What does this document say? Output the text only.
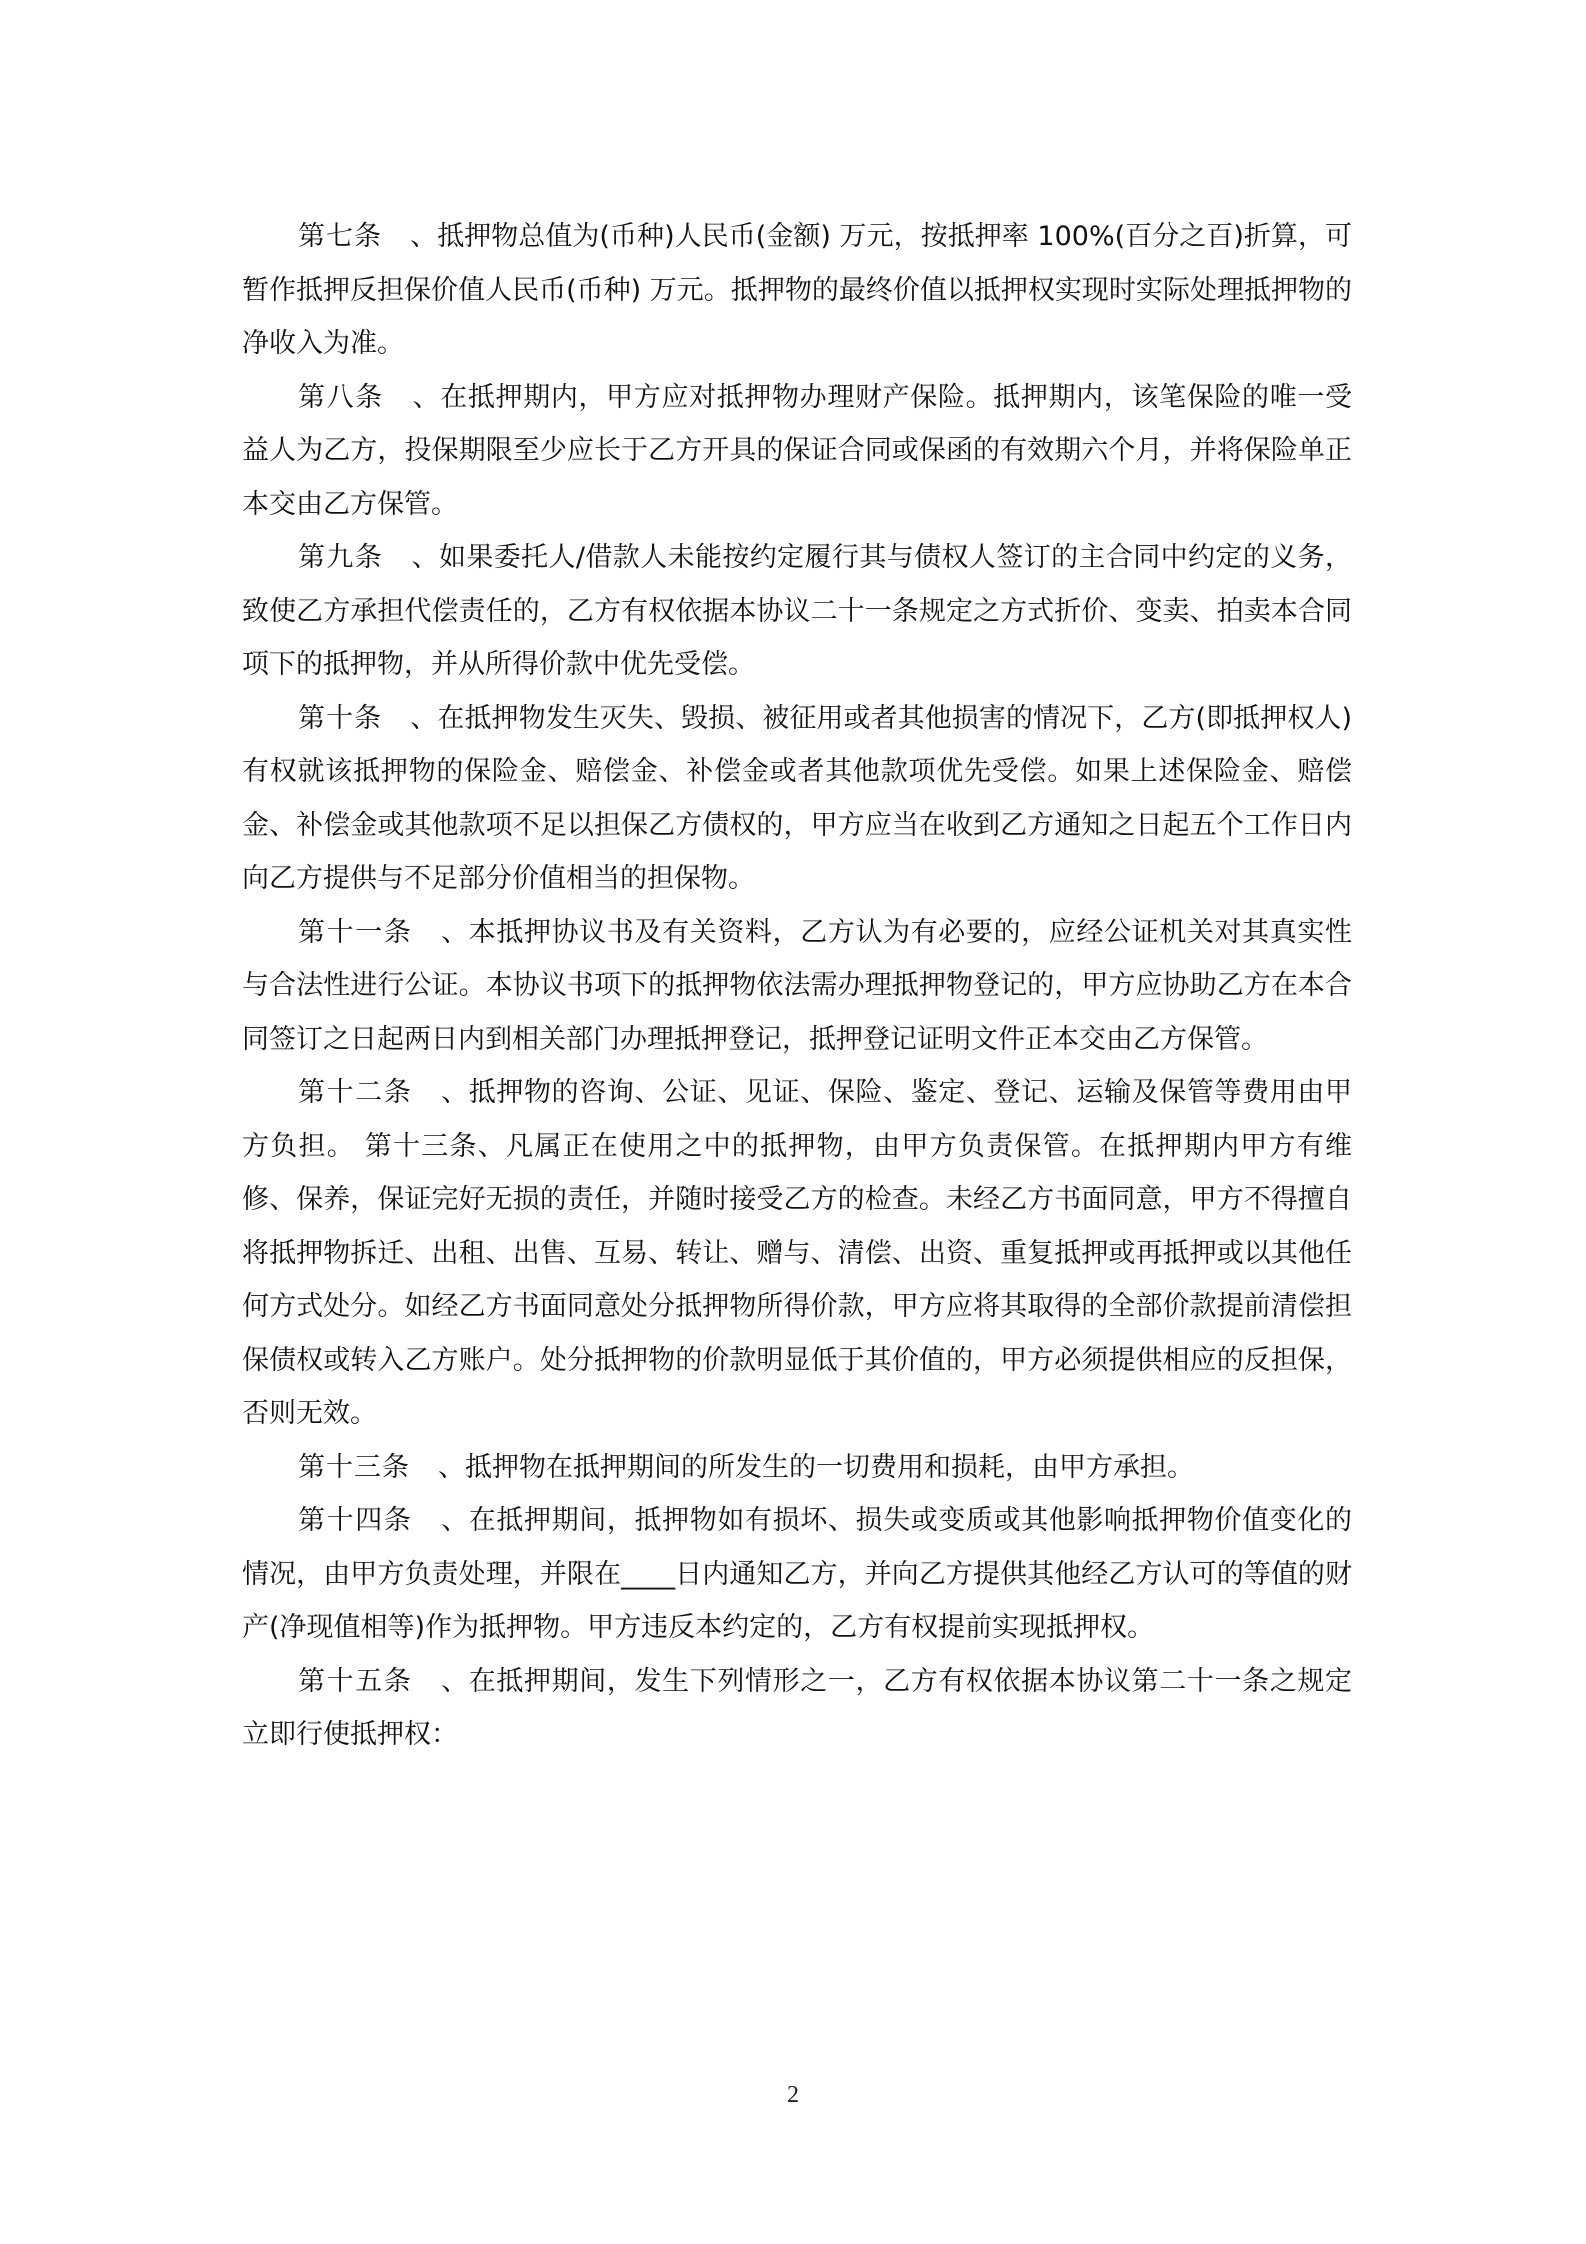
第七条 、抵押物总值为(币种)人民币(金额) 万元，按抵押率 100%(百分之百)折算，可暂作抵押反担保价值人民币(币种) 万元。抵押物的最终价值以抵押权实现时实际处理抵押物的净收入为准。

第八条 、在抵押期内，甲方应对抵押物办理财产保险。抵押期内，该笔保险的唯一受益人为乙方，投保期限至少应长于乙方开具的保证合同或保函的有效期六个月，并将保险单正本交由乙方保管。

第九条 、如果委托人/借款人未能按约定履行其与债权人签订的主合同中约定的义务，致使乙方承担代偿责任的，乙方有权依据本协议二十一条规定之方式折价、变卖、拍卖本合同项下的抵押物，并从所得价款中优先受偿。

第十条 、在抵押物发生灭失、毁损、被征用或者其他损害的情况下，乙方(即抵押权人)有权就该抵押物的保险金、赔偿金、补偿金或者其他款项优先受偿。如果上述保险金、赔偿金、补偿金或其他款项不足以担保乙方债权的，甲方应当在收到乙方通知之日起五个工作日内向乙方提供与不足部分价值相当的担保物。

第十一条 、本抵押协议书及有关资料，乙方认为有必要的，应经公证机关对其真实性与合法性进行公证。本协议书项下的抵押物依法需办理抵押物登记的，甲方应协助乙方在本合同签订之日起两日内到相关部门办理抵押登记，抵押登记证明文件正本交由乙方保管。

第十二条 、抵押物的咨询、公证、见证、保险、鉴定、登记、运输及保管等费用由甲方负担。 第十三条、凡属正在使用之中的抵押物，由甲方负责保管。在抵押期内甲方有维修、保养，保证完好无损的责任，并随时接受乙方的检查。未经乙方书面同意，甲方不得擅自将抵押物拆迁、出租、出售、互易、转让、赠与、清偿、出资、重复抵押或再抵押或以其他任何方式处分。如经乙方书面同意处分抵押物所得价款，甲方应将其取得的全部价款提前清偿担保债权或转入乙方账户。处分抵押物的价款明显低于其价值的，甲方必须提供相应的反担保，否则无效。

第十三条 、抵押物在抵押期间的所发生的一切费用和损耗，由甲方承担。

第十四条 、在抵押期间，抵押物如有损坏、损失或变质或其他影响抵押物价值变化的情况，由甲方负责处理，并限在____日内通知乙方，并向乙方提供其他经乙方认可的等值的财产(净现值相等)作为抵押物。甲方违反本约定的，乙方有权提前实现抵押权。

第十五条 、在抵押期间，发生下列情形之一，乙方有权依据本协议第二十一条之规定立即行使抵押权：

2
